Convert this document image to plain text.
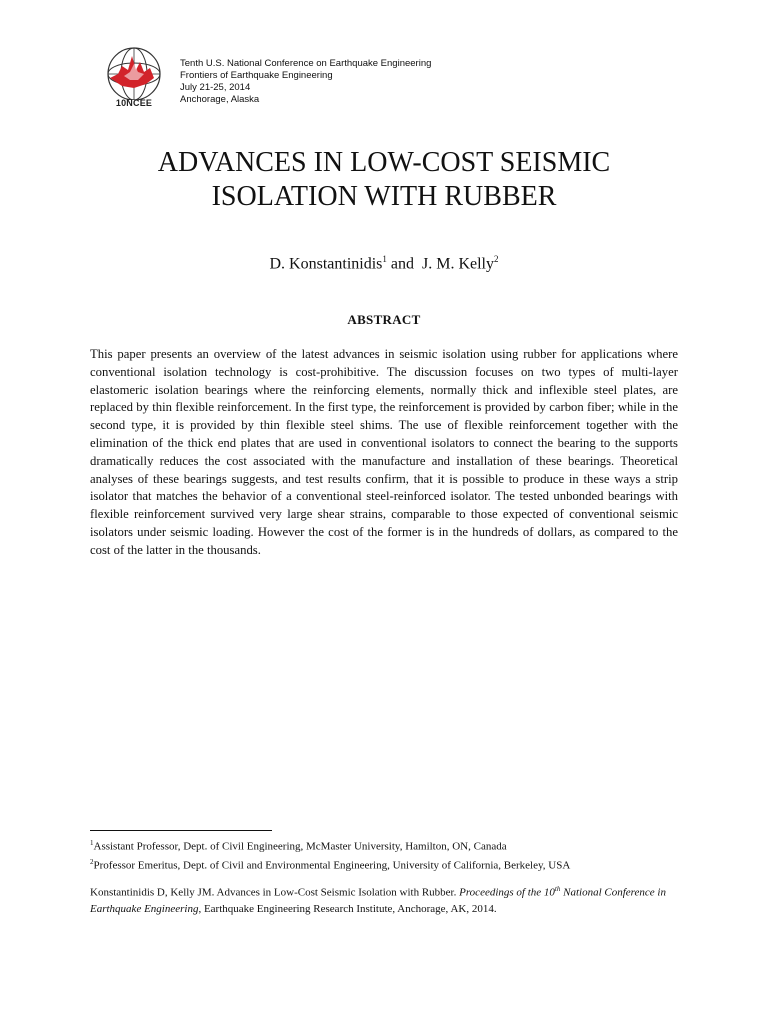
10NCEE
Tenth U.S. National Conference on Earthquake Engineering
Frontiers of Earthquake Engineering
July 21-25, 2014
Anchorage, Alaska
ADVANCES IN LOW-COST SEISMIC
ISOLATION WITH RUBBER
D. Konstantinidis$^1$ and  J. M. Kelly$^2$
ABSTRACT
This paper presents an overview of the latest advances in seismic isolation using rubber for applications where conventional isolation technology is cost-prohibitive. The discussion focuses on two types of multi-layer elastomeric isolation bearings where the reinforcing elements, normally thick and inflexible steel plates, are replaced by thin flexible reinforcement. In the first type, the reinforcement is provided by carbon fiber; while in the second type, it is provided by thin flexible steel shims. The use of flexible reinforcement together with the elimination of the thick end plates that are used in conventional isolators to connect the bearing to the supports dramatically reduces the cost associated with the manufacture and installation of these bearings. Theoretical analyses of these bearings suggests, and test results confirm, that it is possible to produce in these ways a strip isolator that matches the behavior of a conventional steel-reinforced isolator. The tested unbonded bearings with flexible reinforcement survived very large shear strains, comparable to those expected of conventional seismic isolators under seismic loading. However the cost of the former is in the hundreds of dollars, as compared to the cost of the latter in the thousands.
$^1$Assistant Professor, Dept. of Civil Engineering, McMaster University, Hamilton, ON, Canada
$^2$Professor Emeritus, Dept. of Civil and Environmental Engineering, University of California, Berkeley, USA
Konstantinidis D, Kelly JM. Advances in Low-Cost Seismic Isolation with Rubber. Proceedings of the 10th National Conference in Earthquake Engineering, Earthquake Engineering Research Institute, Anchorage, AK, 2014.
